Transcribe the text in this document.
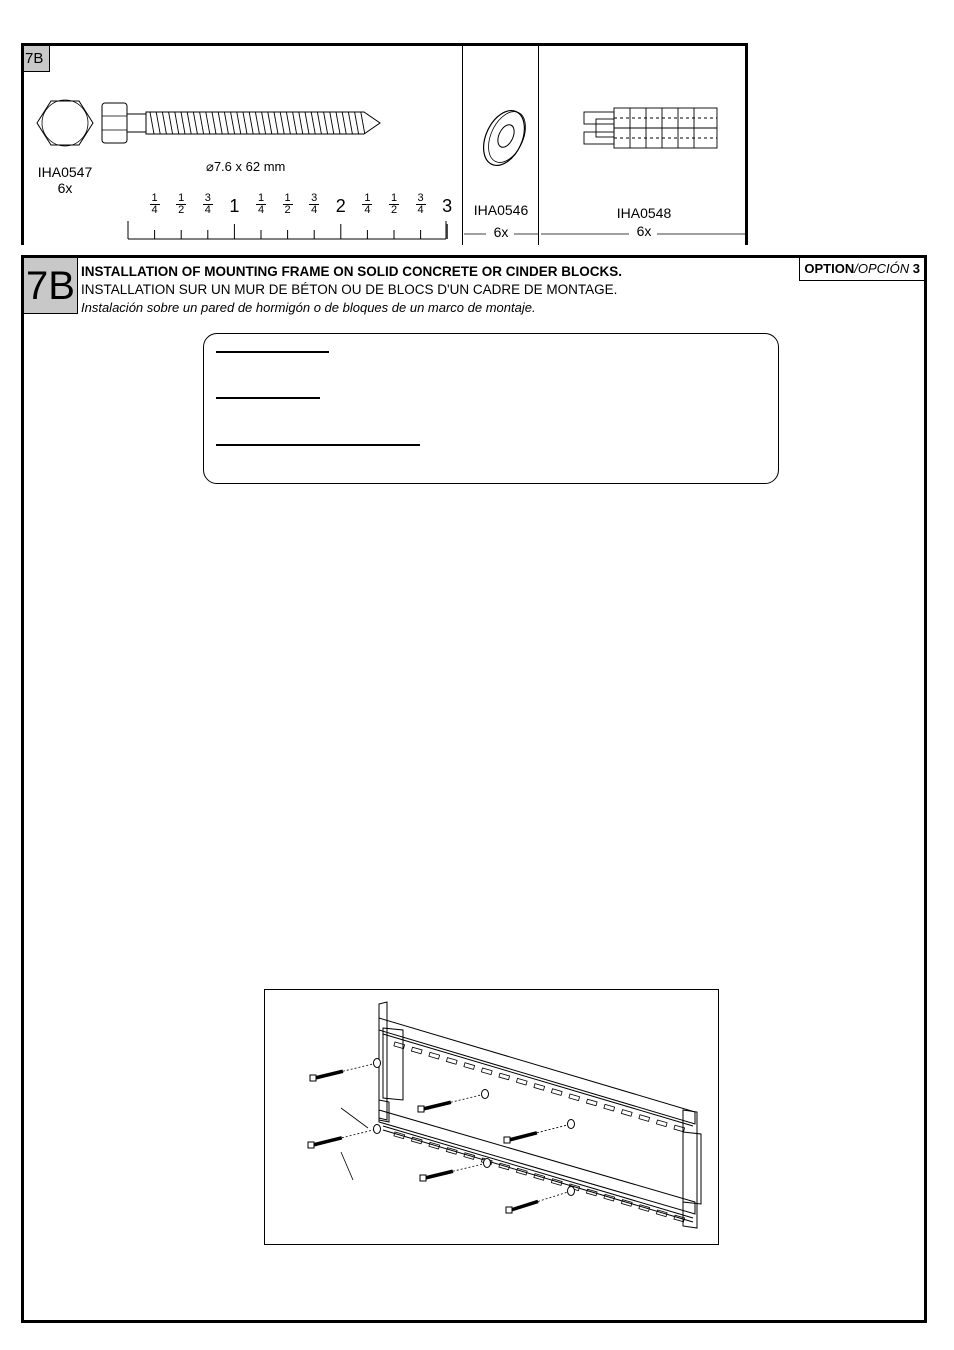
7B
IHA0547
6x
⌀7.6 x 62 mm
$\frac{1}{4} \frac{1}{2} \frac{3}{4} 1$	$\frac{1}{4} \frac{1}{2} \frac{3}{4} 2$	$\frac{1}{4} \frac{1}{2} \frac{3}{4} 3$	IHA0546
6x
IHA0548
6x
7B INSTALLATION OF MOUNTING FRAME ON SOLID CONCRETE OR CINDER BLOCKS.
INSTALLATION SUR UN MUR DE BÉTON OU DE BLOCS D'UN CADRE DE MONTAGE.
Instalación sobre un pared de hormigón o de bloques de un marco de montaje.
OPTION/OPCIÓN 3
